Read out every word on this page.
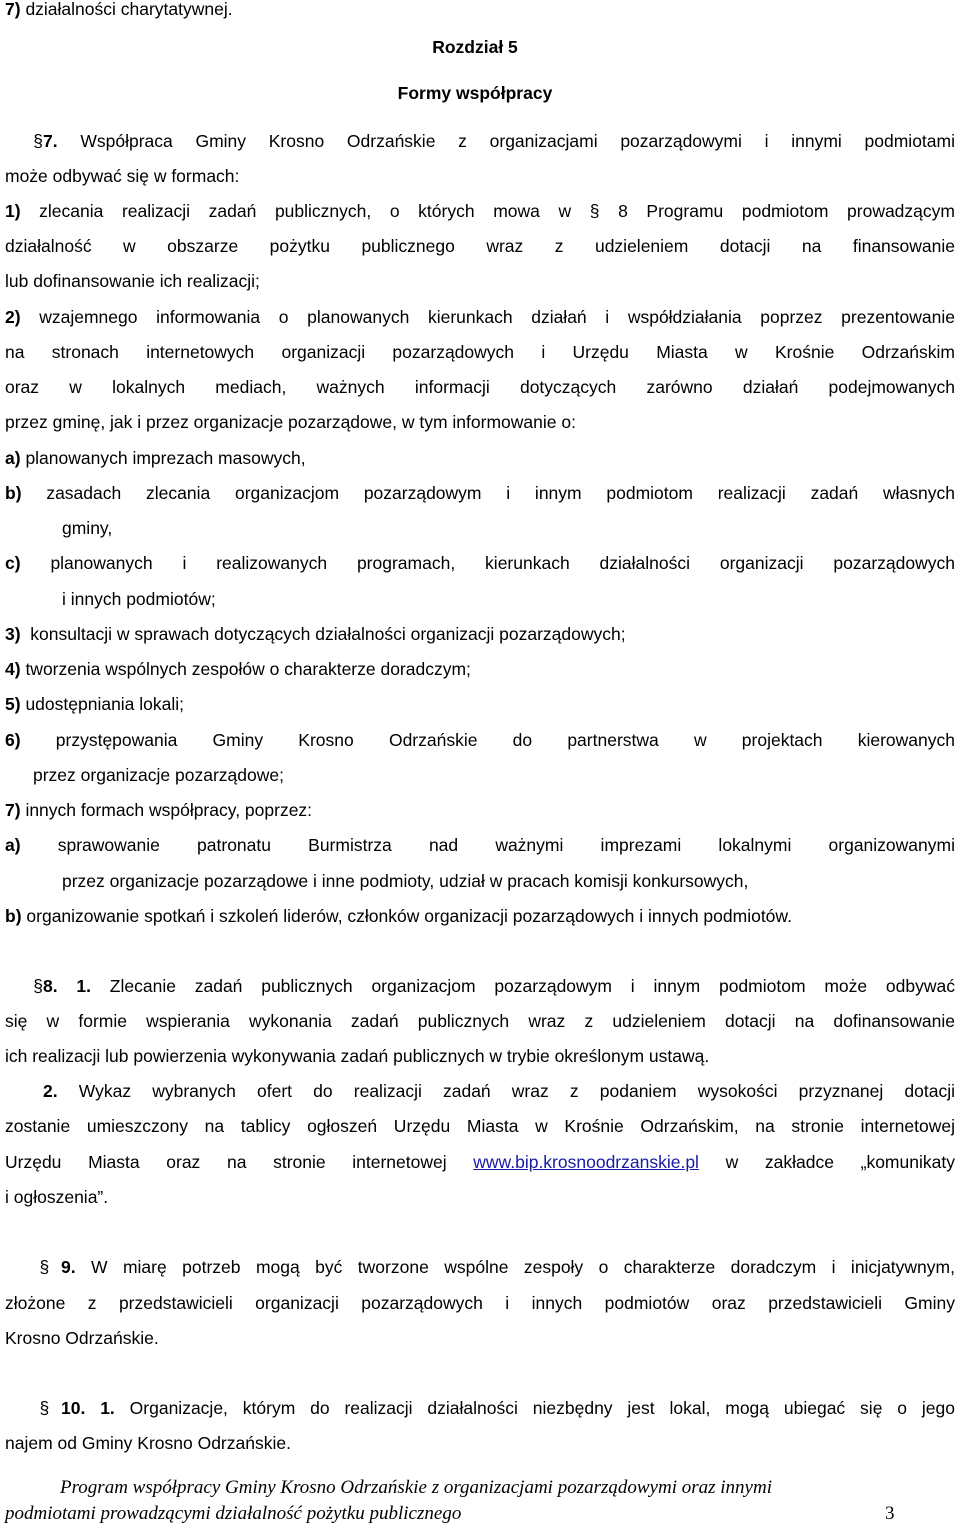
7) działalności charytatywnej.
Rozdział 5
Formy współpracy
§7. Współpraca Gminy Krosno Odrzańskie z organizacjami pozarządowymi i innymi podmiotami
może odbywać się w formach:
1) zlecania realizacji zadań publicznych, o których mowa w § 8 Programu podmiotom prowadzącym
działalność w obszarze pożytku publicznego wraz z udzieleniem dotacji na finansowanie
lub dofinansowanie ich realizacji;
2) wzajemnego informowania o planowanych kierunkach działań i współdziałania poprzez prezentowanie
na stronach internetowych organizacji pozarządowych i Urzędu Miasta w Krośnie Odrzańskim
oraz w lokalnych mediach, ważnych informacji dotyczących zarówno działań podejmowanych
przez gminę, jak i przez organizacje pozarządowe, w tym informowanie o:
a) planowanych imprezach masowych,
b) zasadach zlecania organizacjom pozarządowym i innym podmiotom realizacji zadań własnych
gminy,
c) planowanych i realizowanych programach, kierunkach działalności organizacji pozarządowych
i innych podmiotów;
3) konsultacji w sprawach dotyczących działalności organizacji pozarządowych;
4) tworzenia wspólnych zespołów o charakterze doradczym;
5) udostępniania lokali;
6) przystępowania Gminy Krosno Odrzańskie do partnerstwa w projektach kierowanych
przez organizacje pozarządowe;
7) innych formach współpracy, poprzez:
a) sprawowanie patronatu Burmistrza nad ważnymi imprezami lokalnymi organizowanymi
przez organizacje pozarządowe i inne podmioty, udział w pracach komisji konkursowych,
b) organizowanie spotkań i szkoleń liderów, członków organizacji pozarządowych i innych podmiotów.
§8. 1. Zlecanie zadań publicznych organizacjom pozarządowym i innym podmiotom może odbywać
się w formie wspierania wykonania zadań publicznych wraz z udzieleniem dotacji na dofinansowanie
ich realizacji lub powierzenia wykonywania zadań publicznych w trybie określonym ustawą.
2. Wykaz wybranych ofert do realizacji zadań wraz z podaniem wysokości przyznanej dotacji
zostanie umieszczony na tablicy ogłoszeń Urzędu Miasta w Krośnie Odrzańskim, na stronie internetowej
Urzędu Miasta oraz na stronie internetowej www.bip.krosnoodrzanskie.pl w zakładce „komunikaty
i ogłoszenia”.
§  9. W miarę potrzeb mogą być tworzone wspólne zespoły o charakterze doradczym i inicjatywnym,
złożone z przedstawicieli organizacji pozarządowych i innych podmiotów oraz przedstawicieli Gminy
Krosno Odrzańskie.
§  10. 1. Organizacje, którym do realizacji działalności niezbędny jest lokal, mogą ubiegać się o jego
najem od Gminy Krosno Odrzańskie.
Program współpracy Gminy Krosno Odrzańskie z organizacjami pozarządowymi oraz innymi
podmiotami prowadzącymi działalność pożytku publicznego	3
